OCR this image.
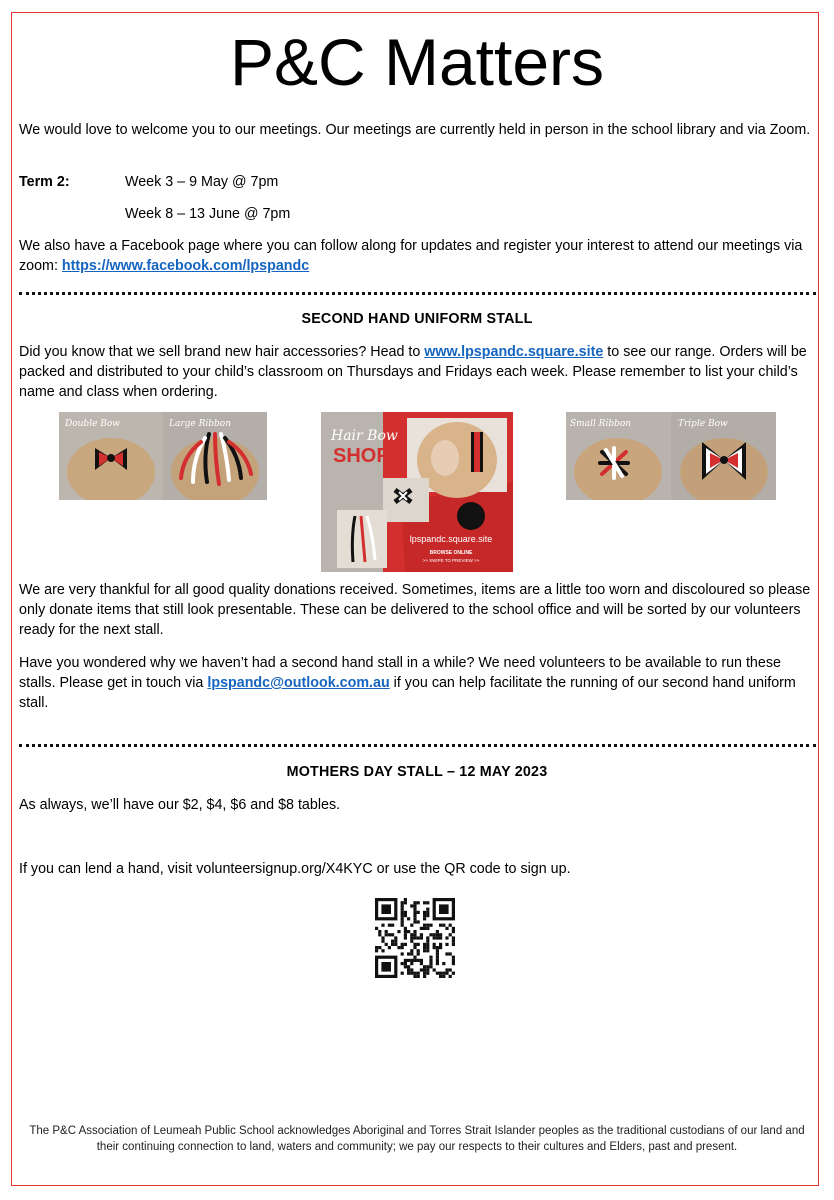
P&C Matters
We would love to welcome you to our meetings. Our meetings are currently held in person in the school library and via Zoom.
Term 2:	Week 3 – 9 May @ 7pm
Week 8 – 13 June @ 7pm
We also have a Facebook page where you can follow along for updates and register your interest to attend our meetings via zoom: https://www.facebook.com/lpspandc
SECOND HAND UNIFORM STALL
Did you know that we sell brand new hair accessories? Head to www.lpspandc.square.site to see our range. Orders will be packed and distributed to your child’s classroom on Thursdays and Fridays each week. Please remember to list your child’s name and class when ordering.
Double Bow	Large Ribbon
Hair Bow
SHOP
lpspandc.square.site
BROWSE ONLINE
>> SWIPE TO PREVIEW >>
Small Ribbon	Triple Bow
We are very thankful for all good quality donations received. Sometimes, items are a little too worn and discoloured so please only donate items that still look presentable. These can be delivered to the school office and will be sorted by our volunteers ready for the next stall.
Have you wondered why we haven’t had a second hand stall in a while? We need volunteers to be available to run these stalls. Please get in touch via lpspandc@outlook.com.au if you can help facilitate the running of our second hand uniform stall.
MOTHERS DAY STALL – 12 MAY 2023
As always, we’ll have our $2, $4, $6 and $8 tables.
If you can lend a hand, visit volunteersignup.org/X4KYC or use the QR code to sign up.
The P&C Association of Leumeah Public School acknowledges Aboriginal and Torres Strait Islander peoples as the traditional custodians of our land and their continuing connection to land, waters and community; we pay our respects to their cultures and Elders, past and present.
